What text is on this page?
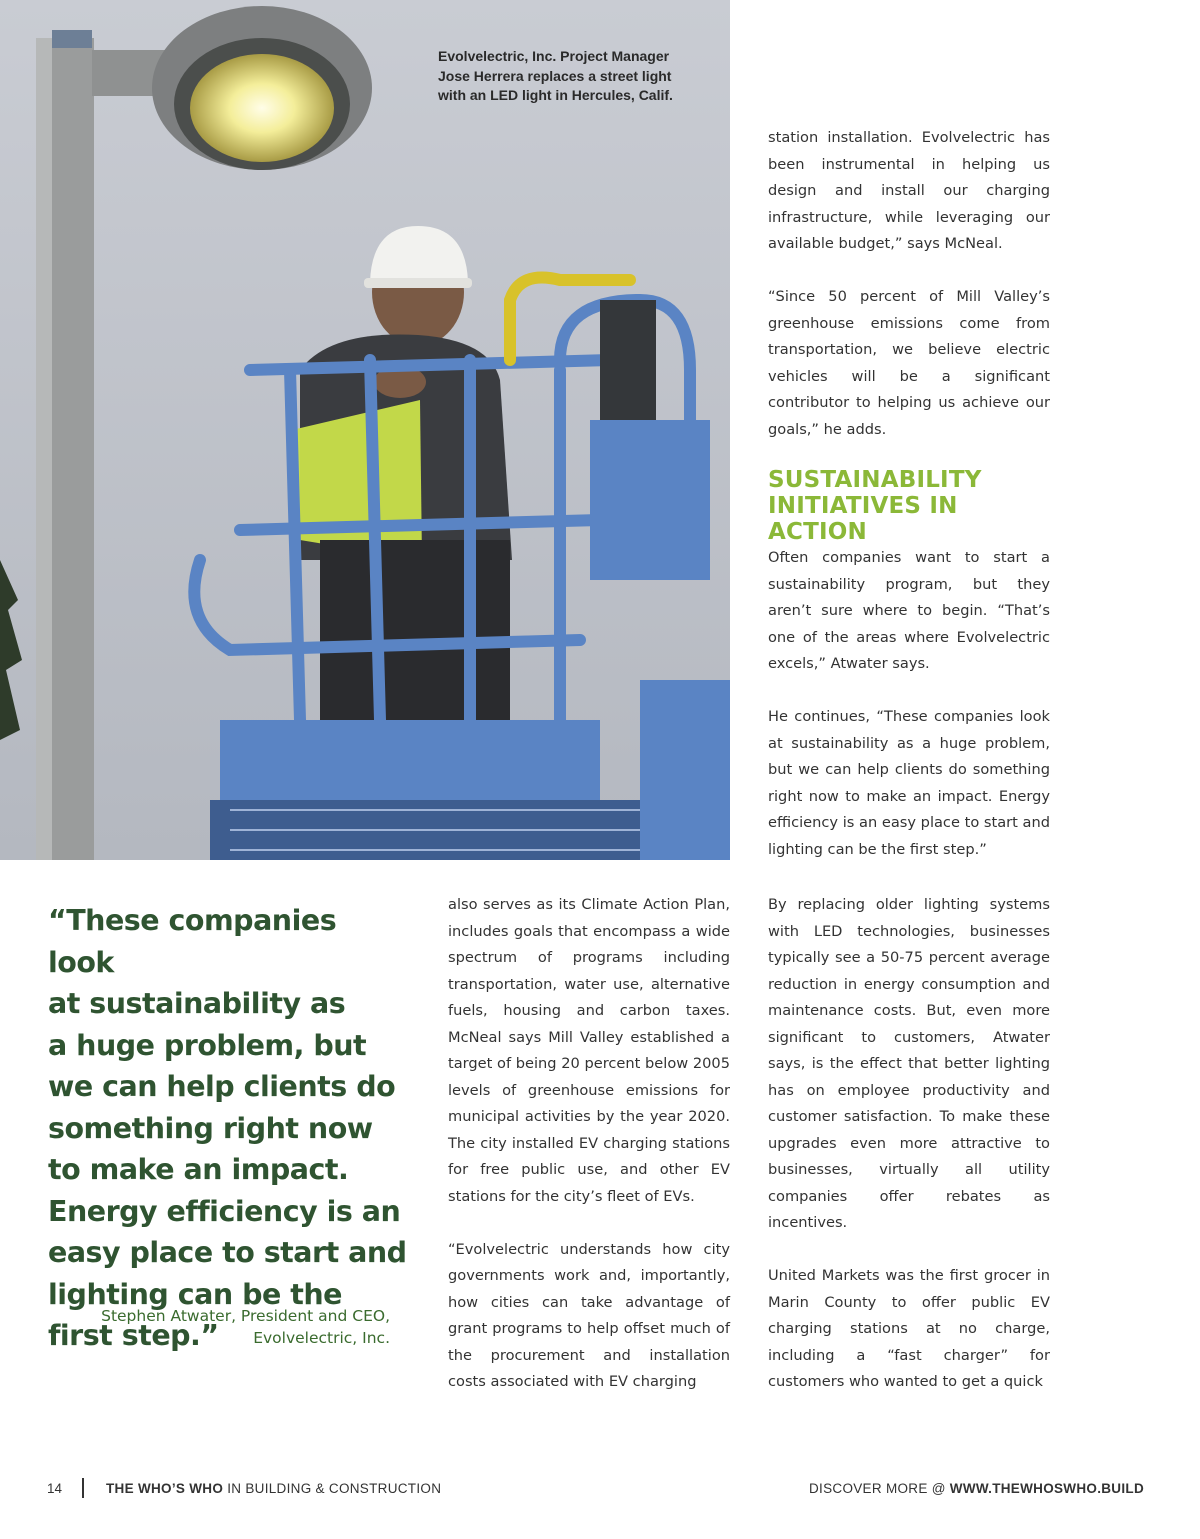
Evolvelectric, Inc. Project Manager
Jose Herrera replaces a street light
with an LED light in Hercules, Calif.

station installation. Evolvelectric has been instrumental in helping us design and install our charging infrastructure, while leveraging our available budget,” says McNeal.

“Since 50 percent of Mill Valley’s greenhouse emissions come from transportation, we believe electric vehicles will be a significant contributor to helping us achieve our goals,” he adds.

SUSTAINABILITY
INITIATIVES IN ACTION

Often companies want to start a sustainability program, but they aren’t sure where to begin. “That’s one of the areas where Evolvelectric excels,” Atwater says.

He continues, “These companies look at sustainability as a huge problem, but we can help clients do something right now to make an impact. Energy efficiency is an easy place to start and lighting can be the first step.”

“These companies look
at sustainability as
a huge problem, but
we can help clients do
something right now
to make an impact.
Energy efficiency is an
easy place to start and
lighting can be the
first step.”

Stephen Atwater, President and CEO,
Evolvelectric, Inc.

also serves as its Climate Action Plan, includes goals that encompass a wide spectrum of programs including transportation, water use, alternative fuels, housing and carbon taxes. McNeal says Mill Valley established a target of being 20 percent below 2005 levels of greenhouse emissions for municipal activities by the year 2020. The city installed EV charging stations for free public use, and other EV stations for the city’s fleet of EVs.

“Evolvelectric understands how city governments work and, importantly, how cities can take advantage of grant programs to help offset much of the procurement and installation costs associated with EV charging

By replacing older lighting systems with LED technologies, businesses typically see a 50-75 percent average reduction in energy consumption and maintenance costs. But, even more significant to customers, Atwater says, is the effect that better lighting has on employee productivity and customer satisfaction. To make these upgrades even more attractive to businesses, virtually all utility companies offer rebates as incentives.

United Markets was the first grocer in Marin County to offer public EV charging stations at no charge, including a “fast charger” for customers who wanted to get a quick

14	THE WHO’S WHO IN BUILDING & CONSTRUCTION	DISCOVER MORE @ WWW.THEWHOSWHO.BUILD
